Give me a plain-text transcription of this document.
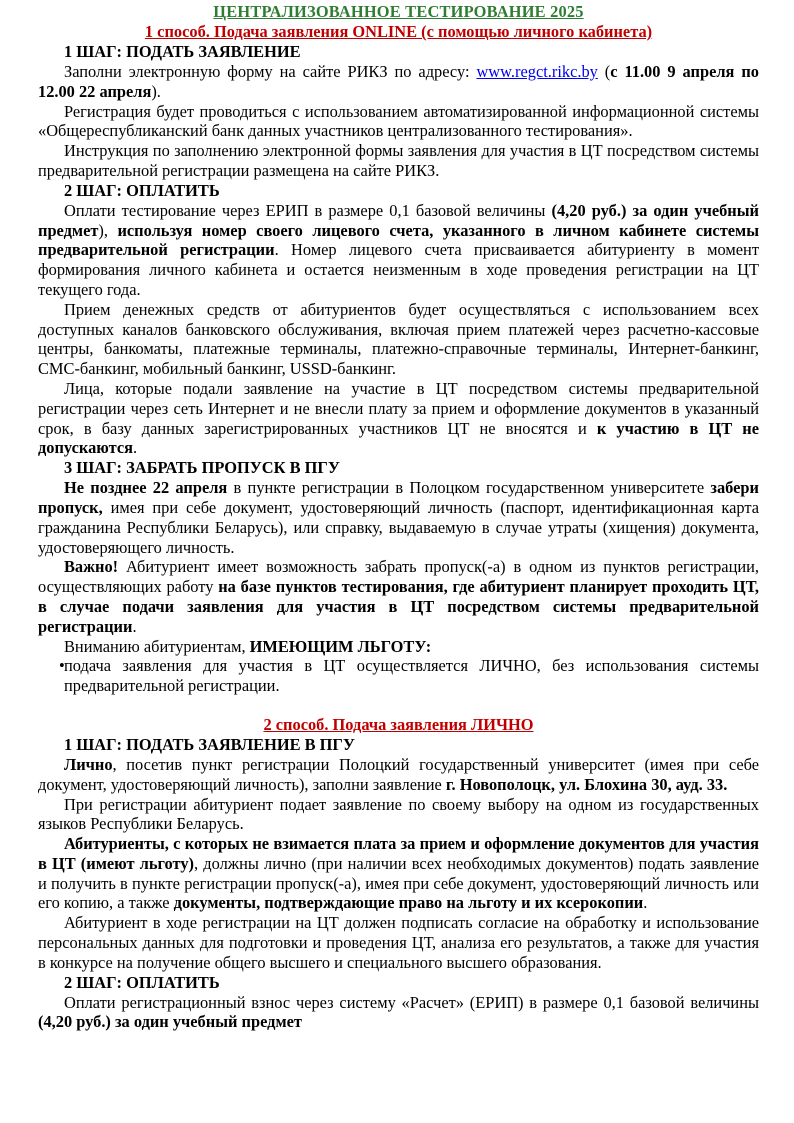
ЦЕНТРАЛИЗОВАННОЕ ТЕСТИРОВАНИЕ 2025
1 способ. Подача заявления ONLINE (с помощью личного кабинета)
1 ШАГ: ПОДАТЬ ЗАЯВЛЕНИЕ

Заполни электронную форму на сайте РИКЗ по адресу: www.regct.rikc.by (с 11.00 9 апреля по 12.00 22 апреля).

Регистрация будет проводиться с использованием автоматизированной информационной системы «Общереспубликанский банк данных участников централизованного тестирования».

Инструкция по заполнению электронной формы заявления для участия в ЦТ посредством системы предварительной регистрации размещена на сайте РИКЗ.

2 ШАГ: ОПЛАТИТЬ

Оплати тестирование через ЕРИП в размере 0,1 базовой величины (4,20 руб.) за один учебный предмет), используя номер своего лицевого счета, указанного в личном кабинете системы предварительной регистрации. Номер лицевого счета присваивается абитуриенту в момент формирования личного кабинета и остается неизменным в ходе проведения регистрации на ЦТ текущего года.

Прием денежных средств от абитуриентов будет осуществляться с использованием всех доступных каналов банковского обслуживания, включая прием платежей через расчетно-кассовые центры, банкоматы, платежные терминалы, платежно-справочные терминалы, Интернет-банкинг, СМС-банкинг, мобильный банкинг, USSD-банкинг.

Лица, которые подали заявление на участие в ЦТ посредством системы предварительной регистрации через сеть Интернет и не внесли плату за прием и оформление документов в указанный срок, в базу данных зарегистрированных участников ЦТ не вносятся и к участию в ЦТ не допускаются.

3 ШАГ: ЗАБРАТЬ ПРОПУСК В ПГУ

Не позднее 22 апреля в пункте регистрации в Полоцком государственном университете забери пропуск, имея при себе документ, удостоверяющий личность (паспорт, идентификационная карта гражданина Республики Беларусь), или справку, выдаваемую в случае утраты (хищения) документа, удостоверяющего личность.

Важно! Абитуриент имеет возможность забрать пропуск(-а) в одном из пунктов регистрации, осуществляющих работу на базе пунктов тестирования, где абитуриент планирует проходить ЦТ, в случае подачи заявления для участия в ЦТ посредством системы предварительной регистрации.

Вниманию абитуриентам, ИМЕЮЩИМ ЛЬГОТУ:

• подача заявления для участия в ЦТ осуществляется ЛИЧНО, без использования системы предварительной регистрации.
2 способ. Подача заявления ЛИЧНО
1 ШАГ: ПОДАТЬ ЗАЯВЛЕНИЕ В ПГУ

Лично, посетив пункт регистрации Полоцкий государственный университет (имея при себе документ, удостоверяющий личность), заполни заявление г. Новополоцк, ул. Блохина 30, ауд. 33.

При регистрации абитуриент подает заявление по своему выбору на одном из государственных языков Республики Беларусь.

Абитуриенты, с которых не взимается плата за прием и оформление документов для участия в ЦТ (имеют льготу), должны лично (при наличии всех необходимых документов) подать заявление и получить в пункте регистрации пропуск(-а), имея при себе документ, удостоверяющий личность или его копию, а также документы, подтверждающие право на льготу и их ксерокопии.

Абитуриент в ходе регистрации на ЦТ должен подписать согласие на обработку и использование персональных данных для подготовки и проведения ЦТ, анализа его результатов, а также для участия в конкурсе на получение общего высшего и специального высшего образования.

2 ШАГ: ОПЛАТИТЬ

Оплати регистрационный взнос через систему «Расчет» (ЕРИП) в размере 0,1 базовой величины (4,20 руб.) за один учебный предмет
